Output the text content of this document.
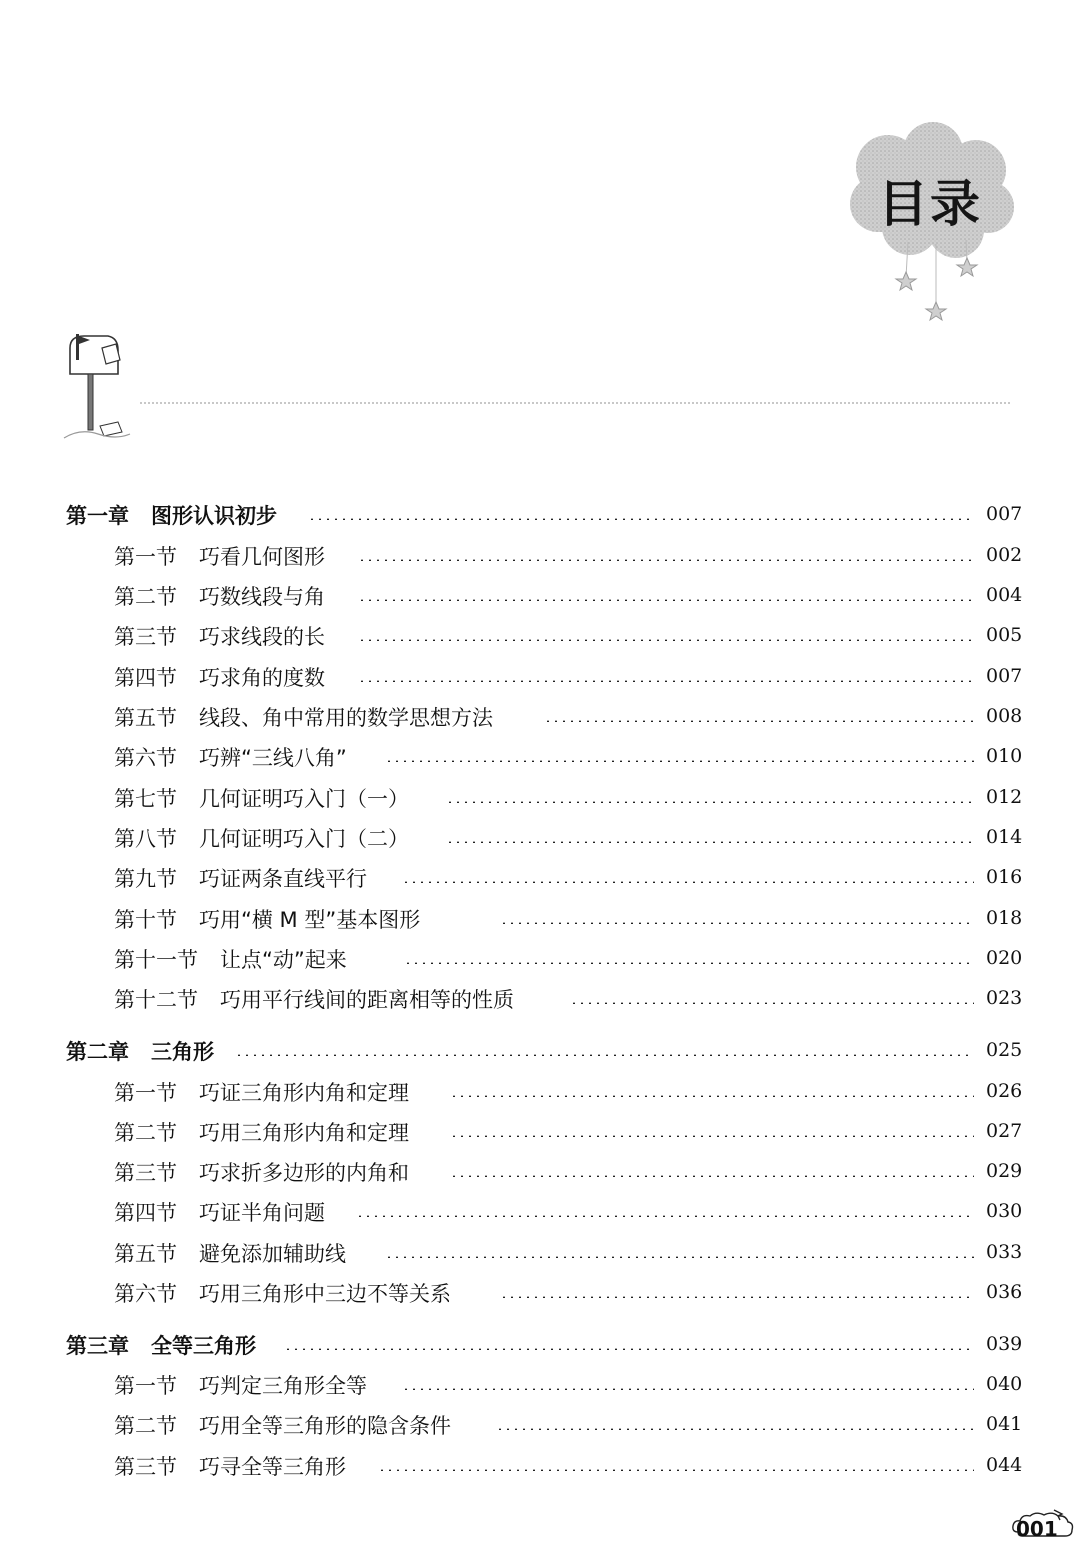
目录
第一章 图形认识初步	007
第一节 巧看几何图形	002
第二节 巧数线段与角	004
第三节 巧求线段的长	005
第四节 巧求角的度数	007
第五节 线段、角中常用的数学思想方法	008
第六节 巧辨“三线八角”	010
第七节 几何证明巧入门（一）	012
第八节 几何证明巧入门（二）	014
第九节 巧证两条直线平行	016
第十节 巧用“横 M 型”基本图形	018
第十一节 让点“动”起来	020
第十二节 巧用平行线间的距离相等的性质	023
第二章 三角形	025
第一节 巧证三角形内角和定理	026
第二节 巧用三角形内角和定理	027
第三节 巧求折多边形的内角和	029
第四节 巧证半角问题	030
第五节 避免添加辅助线	033
第六节 巧用三角形中三边不等关系	036
第三章 全等三角形	039
第一节 巧判定三角形全等	040
第二节 巧用全等三角形的隐含条件	041
第三节 巧寻全等三角形	044
001
